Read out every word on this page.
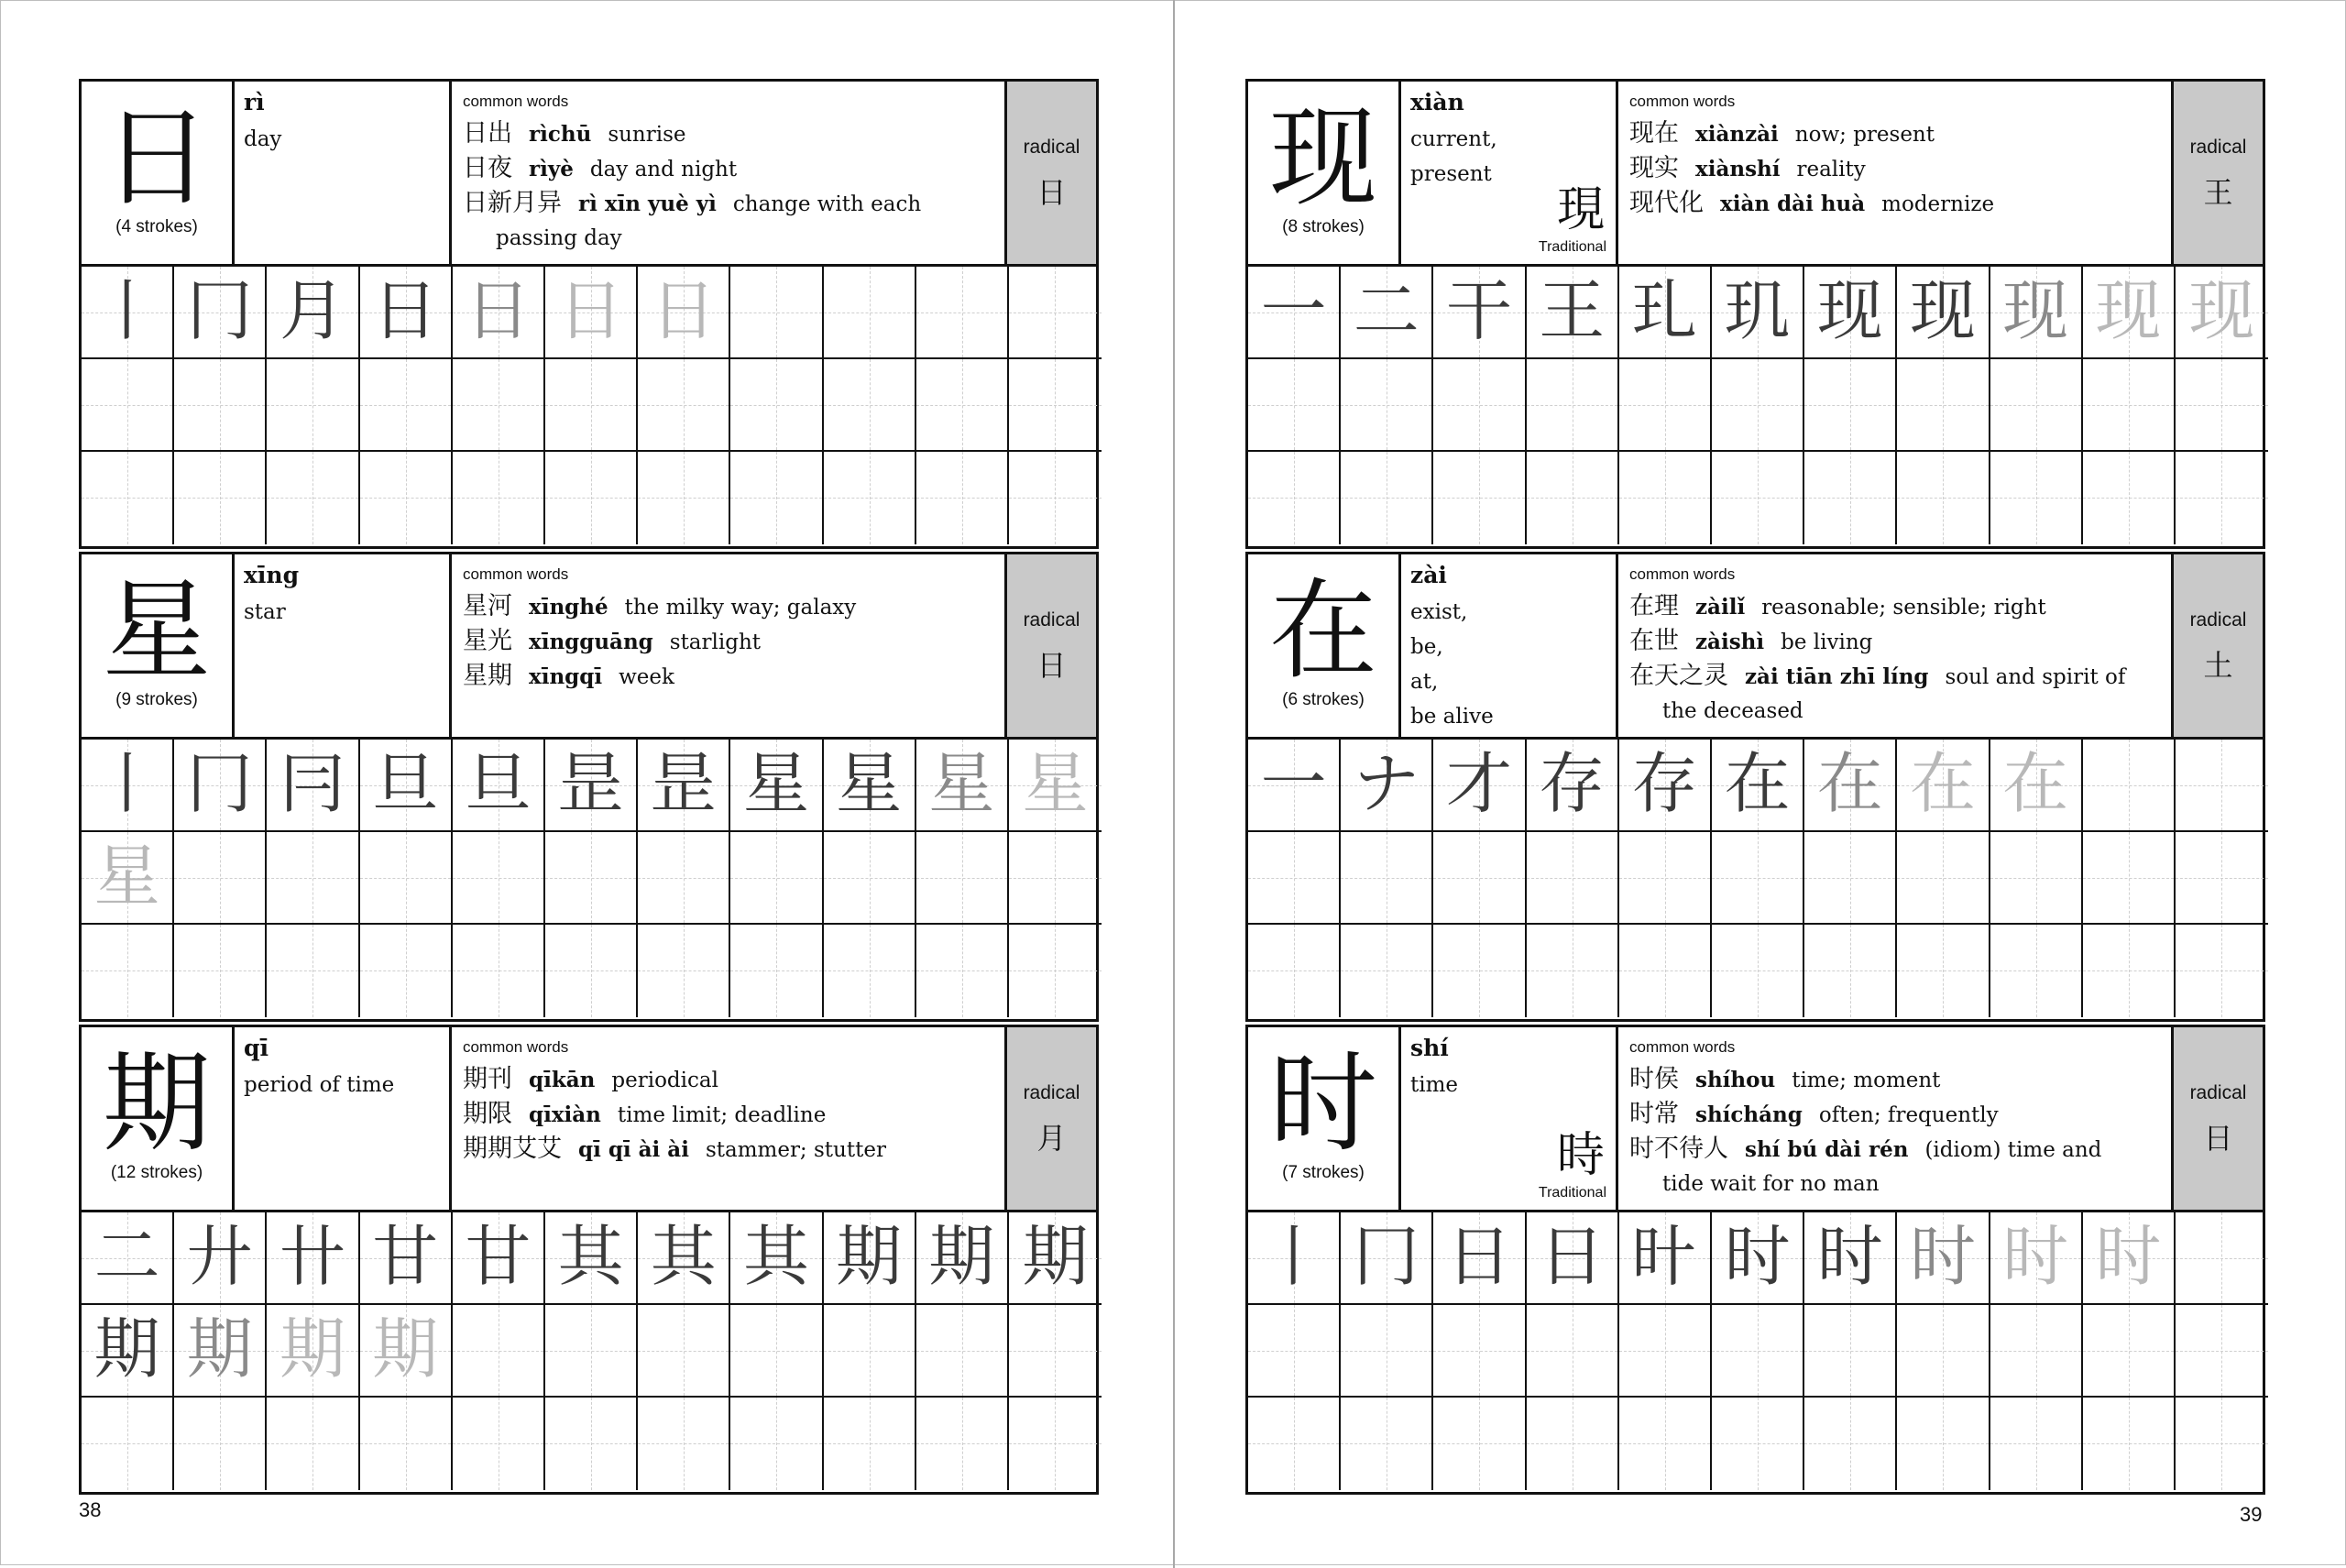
日
(4 strokes)
rì
day
common words
日出 rìchū sunrise
日夜 rìyè day and night
日新月异 rì xīn yuè yì change with each
passing day
radical
日
丨 冂 月 日 日 日 日
星
(9 strokes)
xīng
star
common words
星河 xīnghé the milky way; galaxy
星光 xīngguāng starlight
星期 xīngqī week
radical
日
丨 冂 冃 旦 旦 昰 昰 星 星 星 星
星
期
(12 strokes)
qī
period of time
common words
期刊 qīkān periodical
期限 qīxiàn time limit; deadline
期期艾艾 qī qī ài ài stammer; stutter
radical
月
二 廾 卄 甘 甘 其 其 其 期 期 期
期 期 期 期
现
(8 strokes)
xiàn
current,
present
現
Traditional
common words
现在 xiànzài now; present
现实 xiànshí reality
现代化 xiàn dài huà modernize
radical
王
一 二 干 王 玌 玑 现 现 现 现 现
在
(6 strokes)
zài
exist,
be,
at,
be alive
common words
在理 zàilǐ reasonable; sensible; right
在世 zàishì be living
在天之灵 zài tiān zhī líng soul and spirit of
the deceased
radical
土
一 ナ 才 存 存 在 在 在 在
时
(7 strokes)
shí
time
時
Traditional
common words
时侯 shíhou time; moment
时常 shícháng often; frequently
时不待人 shí bú dài rén (idiom) time and
tide wait for no man
radical
日
丨 冂 日 日 旪 时 时 时 时 时
38	39
